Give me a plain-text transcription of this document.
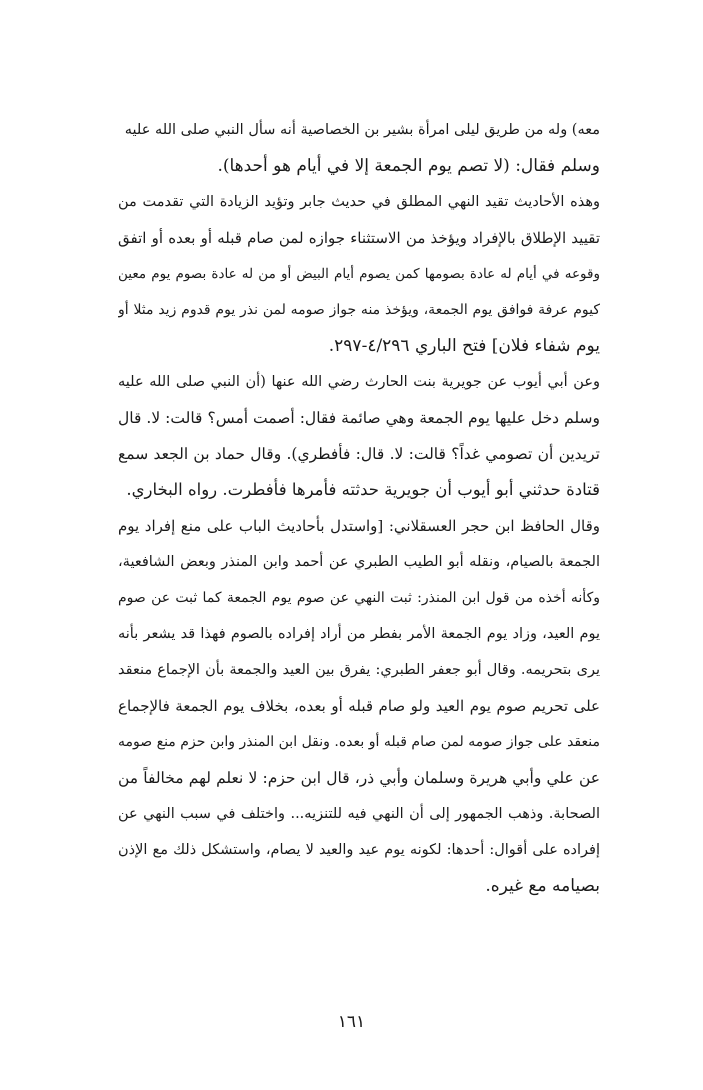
معه) وله من طريق ليلى امرأة بشير بن الخصاصية أنه سأل النبي صلى الله عليه
وسلم فقال: (لا تصم يوم الجمعة إلا في أيام هو أحدها).
وهذه الأحاديث تقيد النهي المطلق في حديث جابر وتؤيد الزيادة التي تقدمت من
تقييد الإطلاق بالإفراد ويؤخذ من الاستثناء جوازه لمن صام قبله أو بعده أو اتفق
وقوعه في أيام له عادة بصومها كمن يصوم أيام البيض أو من له عادة بصوم يوم معين
كيوم عرفة فوافق يوم الجمعة، ويؤخذ منه جواز صومه لمن نذر يوم قدوم زيد مثلا أو
يوم شفاء فلان] فتح الباري ٤/٢٩٦-٢٩٧.
وعن أبي أيوب عن جويرية بنت الحارث رضي الله عنها (أن النبي صلى الله عليه
وسلم دخل عليها يوم الجمعة وهي صائمة فقال: أصمت أمس؟ قالت: لا. قال
تريدين أن تصومي غداً؟ قالت: لا. قال: فأفطري). وقال حماد بن الجعد سمع
قتادة حدثني أبو أيوب أن جويرية حدثته فأمرها فأفطرت. رواه البخاري.
وقال الحافظ ابن حجر العسقلاني: [واستدل بأحاديث الباب على منع إفراد يوم
الجمعة بالصيام، ونقله أبو الطيب الطبري عن أحمد وابن المنذر وبعض الشافعية،
وكأنه أخذه من قول ابن المنذر: ثبت النهي عن صوم يوم الجمعة كما ثبت عن صوم
يوم العيد، وزاد يوم الجمعة الأمر بفطر من أراد إفراده بالصوم فهذا قد يشعر بأنه
يرى بتحريمه. وقال أبو جعفر الطبري: يفرق بين العيد والجمعة بأن الإجماع منعقد
على تحريم صوم يوم العيد ولو صام قبله أو بعده، بخلاف يوم الجمعة فالإجماع
منعقد على جواز صومه لمن صام قبله أو بعده. ونقل ابن المنذر وابن حزم منع صومه
عن علي وأبي هريرة وسلمان وأبي ذر، قال ابن حزم: لا نعلم لهم مخالفاً من
الصحابة. وذهب الجمهور إلى أن النهي فيه للتنزيه... واختلف في سبب النهي عن
إفراده على أقوال: أحدها: لكونه يوم عيد والعيد لا يصام، واستشكل ذلك مع الإذن
بصيامه مع غيره.
١٦١
